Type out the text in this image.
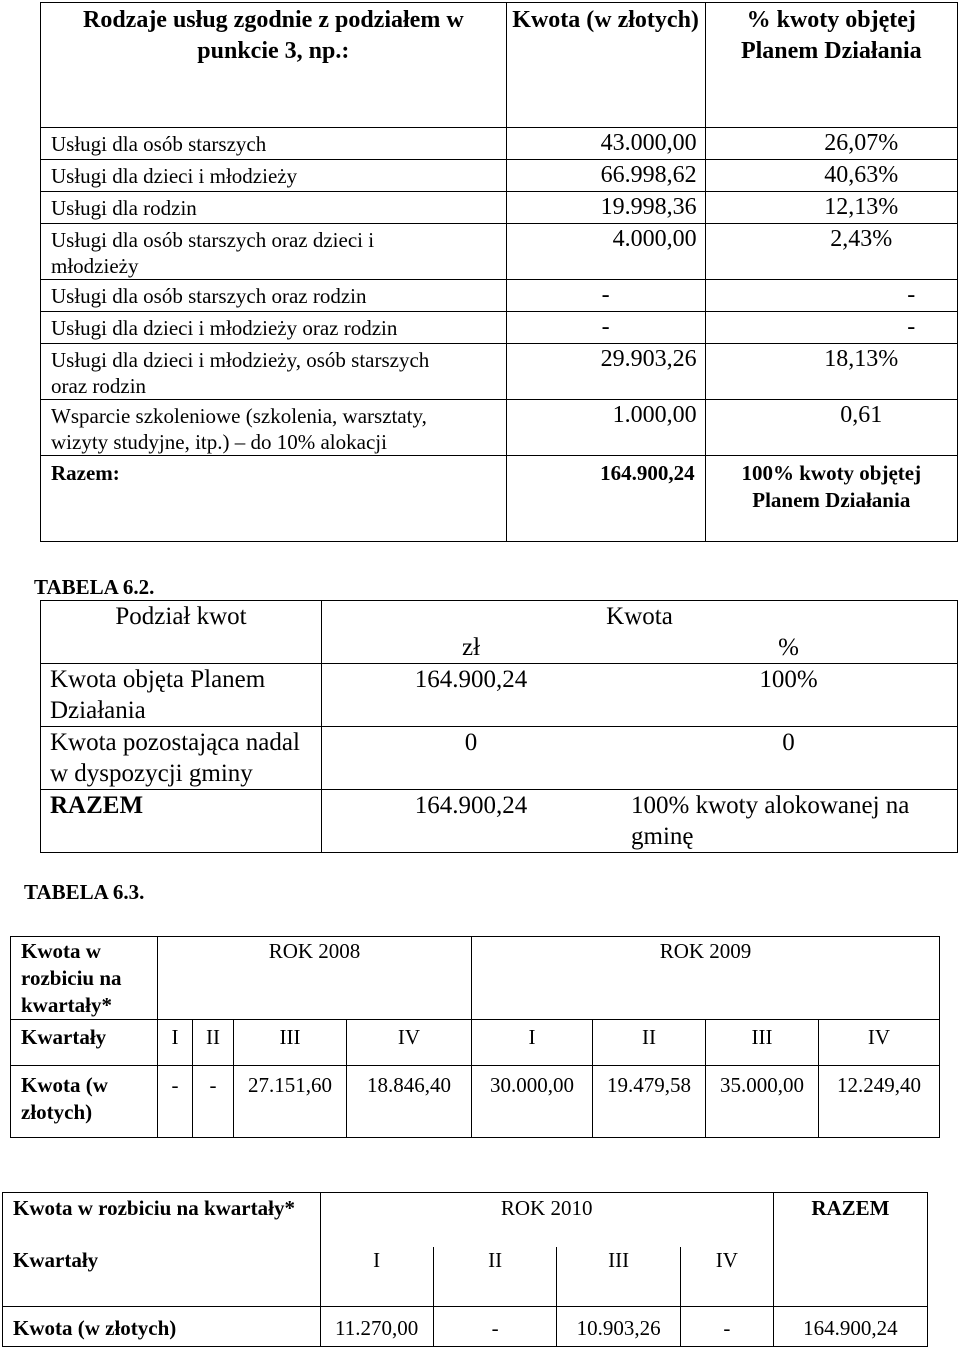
Rodzaje usług zgodnie z podziałem w punkcie 3, np.:	Kwota (w złotych)	% kwoty objętej Planem Działania
Usługi dla osób starszych	43.000,00	26,07%
Usługi dla dzieci i młodzieży	66.998,62	40,63%
Usługi dla rodzin	19.998,36	12,13%
Usługi dla osób starszych oraz dzieci i młodzieży	4.000,00	2,43%
Usługi dla osób starszych oraz rodzin	-	-
Usługi dla dzieci i młodzieży oraz rodzin	-	-
Usługi dla dzieci i młodzieży, osób starszych oraz rodzin	29.903,26	18,13%
Wsparcie szkoleniowe (szkolenia, warsztaty, wizyty studyjne, itp.) – do 10% alokacji	1.000,00	0,61
Razem:	164.900,24	100% kwoty objętej Planem Działania
TABELA 6.2.
Podział kwot	Kwota	
	zł	%
Kwota objęta Planem Działania	164.900,24	100%
Kwota pozostająca nadal w dyspozycji gminy	0	0
RAZEM	164.900,24	100% kwoty alokowanej na gminę
TABELA 6.3.
Kwota w rozbiciu na kwartały*	ROK 2008				ROK 2009			
Kwartały	I	II	III	IV	I	II	III	IV
Kwota (w złotych)	-	-	27.151,60	18.846,40	30.000,00	19.479,58	35.000,00	12.249,40
Kwota w rozbiciu na kwartały*	ROK 2010				RAZEM
Kwartały	I	II	III	IV	
Kwota (w złotych)	11.270,00	-	10.903,26	-	164.900,24
